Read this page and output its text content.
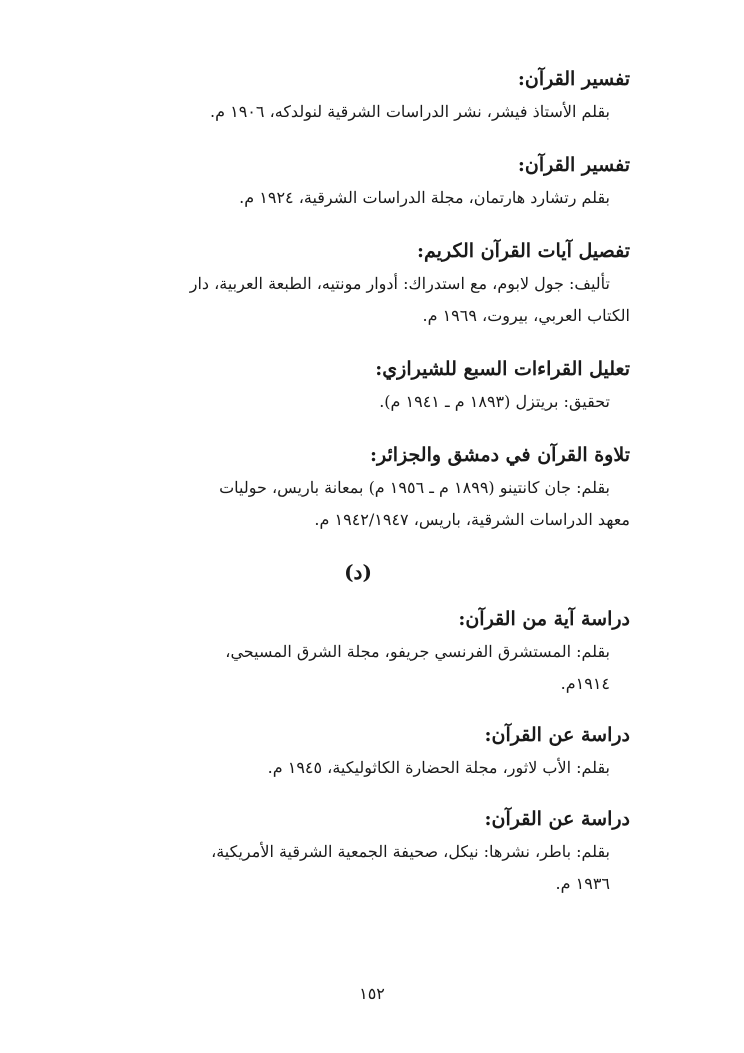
تفسير القرآن:

بقلم الأستاذ فيشر، نشر الدراسات الشرقية لنولدكه، ١٩٠٦ م.

تفسير القرآن:

بقلم رتشارد هارتمان، مجلة الدراسات الشرقية، ١٩٢٤ م.

تفصيل آيات القرآن الكريم:

تأليف: جول لابوم، مع استدراك: أدوار مونتيه، الطبعة العربية، دار

الكتاب العربي، بيروت، ١٩٦٩ م.

تعليل القراءات السبع للشيرازي:

تحقيق: بريتزل (١٨٩٣ م ـ ١٩٤١ م).

تلاوة القرآن في دمشق والجزائر:

بقلم: جان كانتينو (١٨٩٩ م ـ ١٩٥٦ م) بمعانة باريس، حوليات

معهد الدراسات الشرقية، باريس، ١٩٤٢/١٩٤٧ م.

(د)

دراسة آية من القرآن:

بقلم: المستشرق الفرنسي جريفو، مجلة الشرق المسيحي،

١٩١٤م.

دراسة عن القرآن:

بقلم: الأب لاثور، مجلة الحضارة الكاثوليكية، ١٩٤٥ م.

دراسة عن القرآن:

بقلم: باطر، نشرها: نيكل، صحيفة الجمعية الشرقية الأمريكية،

١٩٣٦ م.

١٥٢
